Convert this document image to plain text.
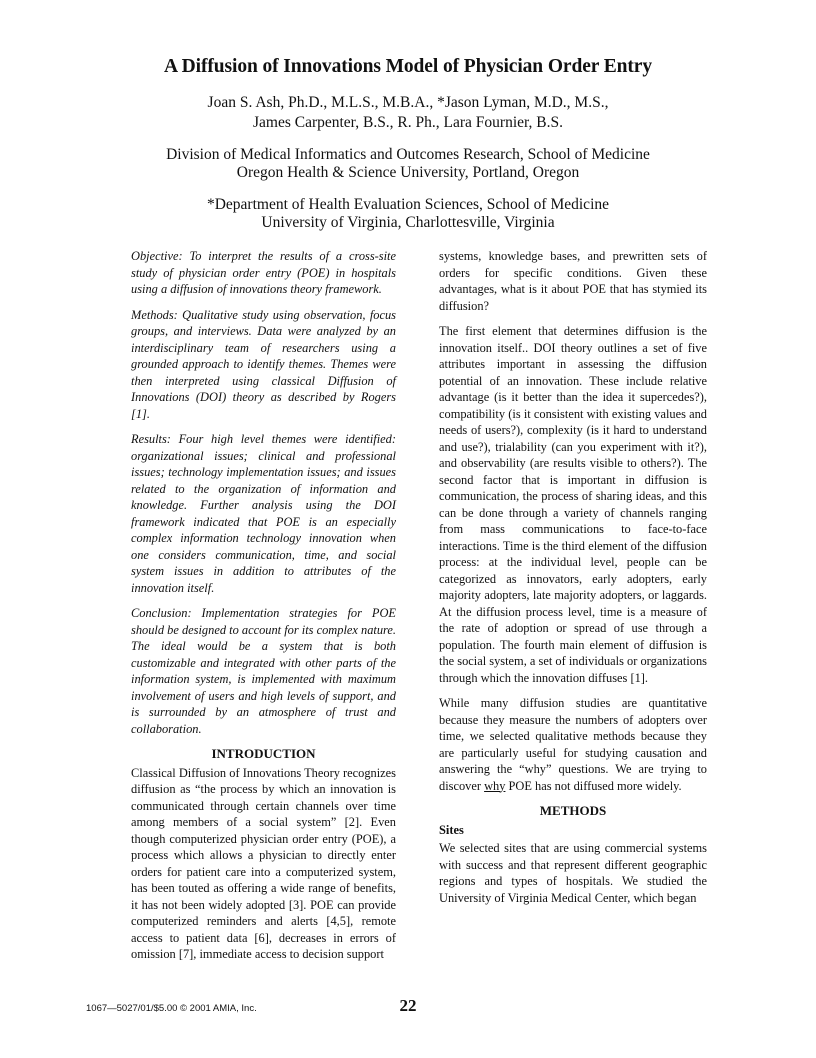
A Diffusion of Innovations Model of Physician Order Entry
Joan S. Ash, Ph.D., M.L.S., M.B.A., *Jason Lyman, M.D., M.S.,
James Carpenter, B.S., R. Ph., Lara Fournier, B.S.
Division of Medical Informatics and Outcomes Research, School of Medicine
Oregon Health & Science University, Portland, Oregon
*Department of Health Evaluation Sciences, School of Medicine
University of Virginia, Charlottesville, Virginia

Objective: To interpret the results of a cross-site study of physician order entry (POE) in hospitals using a diffusion of innovations theory framework.

Methods: Qualitative study using observation, focus groups, and interviews. Data were analyzed by an interdisciplinary team of researchers using a grounded approach to identify themes. Themes were then interpreted using classical Diffusion of Innovations (DOI) theory as described by Rogers [1].

Results: Four high level themes were identified: organizational issues; clinical and professional issues; technology implementation issues; and issues related to the organization of information and knowledge. Further analysis using the DOI framework indicated that POE is an especially complex information technology innovation when one considers communication, time, and social system issues in addition to attributes of the innovation itself.

Conclusion: Implementation strategies for POE should be designed to account for its complex nature. The ideal would be a system that is both customizable and integrated with other parts of the information system, is implemented with maximum involvement of users and high levels of support, and is surrounded by an atmosphere of trust and collaboration.

INTRODUCTION

Classical Diffusion of Innovations Theory recognizes diffusion as “the process by which an innovation is communicated through certain channels over time among members of a social system” [2]. Even though computerized physician order entry (POE), a process which allows a physician to directly enter orders for patient care into a computerized system, has been touted as offering a wide range of benefits, it has not been widely adopted [3]. POE can provide computerized reminders and alerts [4,5], remote access to patient data [6], decreases in errors of omission [7], immediate access to decision support

systems, knowledge bases, and prewritten sets of orders for specific conditions. Given these advantages, what is it about POE that has stymied its diffusion?

The first element that determines diffusion is the innovation itself.. DOI theory outlines a set of five attributes important in assessing the diffusion potential of an innovation. These include relative advantage (is it better than the idea it supercedes?), compatibility (is it consistent with existing values and needs of users?), complexity (is it hard to understand and use?), trialability (can you experiment with it?), and observability (are results visible to others?). The second factor that is important in diffusion is communication, the process of sharing ideas, and this can be done through a variety of channels ranging from mass communications to face-to-face interactions. Time is the third element of the diffusion process: at the individual level, people can be categorized as innovators, early adopters, early majority adopters, late majority adopters, or laggards. At the diffusion process level, time is a measure of the rate of adoption or spread of use through a population. The fourth main element of diffusion is the social system, a set of individuals or organizations through which the innovation diffuses [1].

While many diffusion studies are quantitative because they measure the numbers of adopters over time, we selected qualitative methods because they are particularly useful for studying causation and answering the “why” questions. We are trying to discover why POE has not diffused more widely.

METHODS
Sites

We selected sites that are using commercial systems with success and that represent different geographic regions and types of hospitals. We studied the University of Virginia Medical Center, which began

1067—5027/01/$5.00 © 2001 AMIA, Inc.	22
